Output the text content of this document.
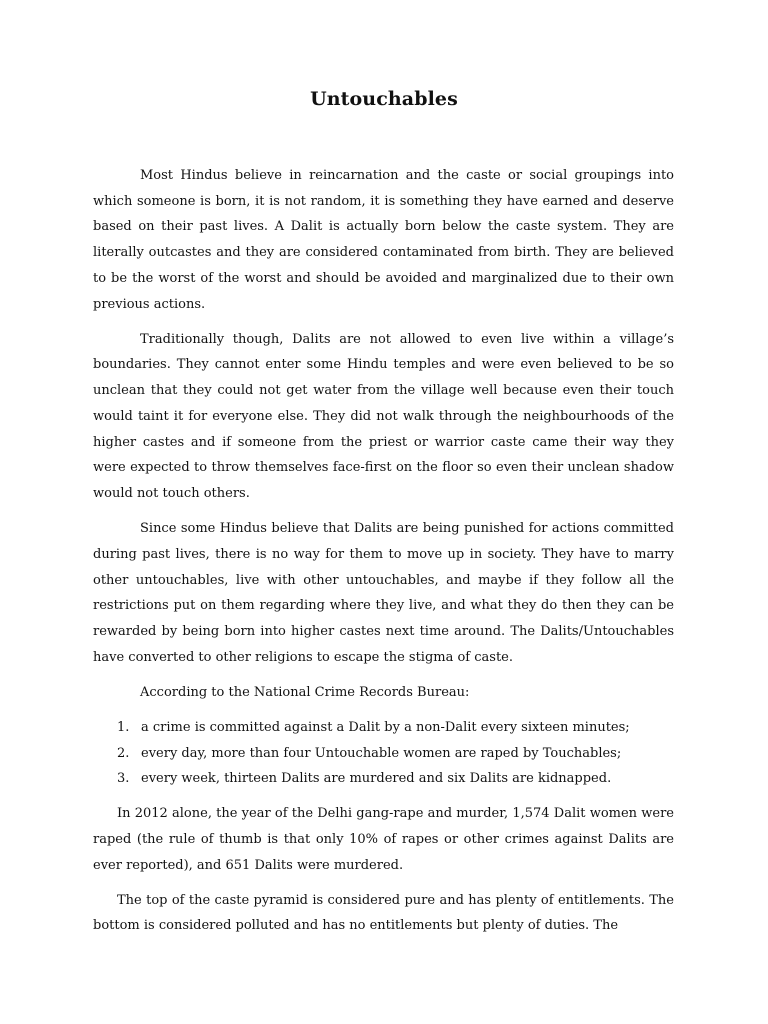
Untouchables

Most Hindus believe in reincarnation and the caste or social groupings into which someone is born, it is not random, it is something they have earned and deserve based on their past lives. A Dalit is actually born below the caste system. They are literally outcastes and they are considered contaminated from birth. They are believed to be the worst of the worst and should be avoided and marginalized due to their own previous actions.

Traditionally though, Dalits are not allowed to even live within a village’s boundaries. They cannot enter some Hindu temples and were even believed to be so unclean that they could not get water from the village well because even their touch would taint it for everyone else. They did not walk through the neighbourhoods of the higher castes and if someone from the priest or warrior caste came their way they were expected to throw themselves face-first on the floor so even their unclean shadow would not touch others.

Since some Hindus believe that Dalits are being punished for actions committed during past lives, there is no way for them to move up in society. They have to marry other untouchables, live with other untouchables, and maybe if they follow all the restrictions put on them regarding where they live, and what they do then they can be rewarded by being born into higher castes next time around. The Dalits/Untouchables have converted to other religions to escape the stigma of caste.

According to the National Crime Records Bureau:

1. a crime is committed against a Dalit by a non-Dalit every sixteen minutes;
2. every day, more than four Untouchable women are raped by Touchables;
3. every week, thirteen Dalits are murdered and six Dalits are kidnapped.

In 2012 alone, the year of the Delhi gang-rape and murder, 1,574 Dalit women were raped (the rule of thumb is that only 10% of rapes or other crimes against Dalits are ever reported), and 651 Dalits were murdered.

The top of the caste pyramid is considered pure and has plenty of entitlements. The bottom is considered polluted and has no entitlements but plenty of duties. The
